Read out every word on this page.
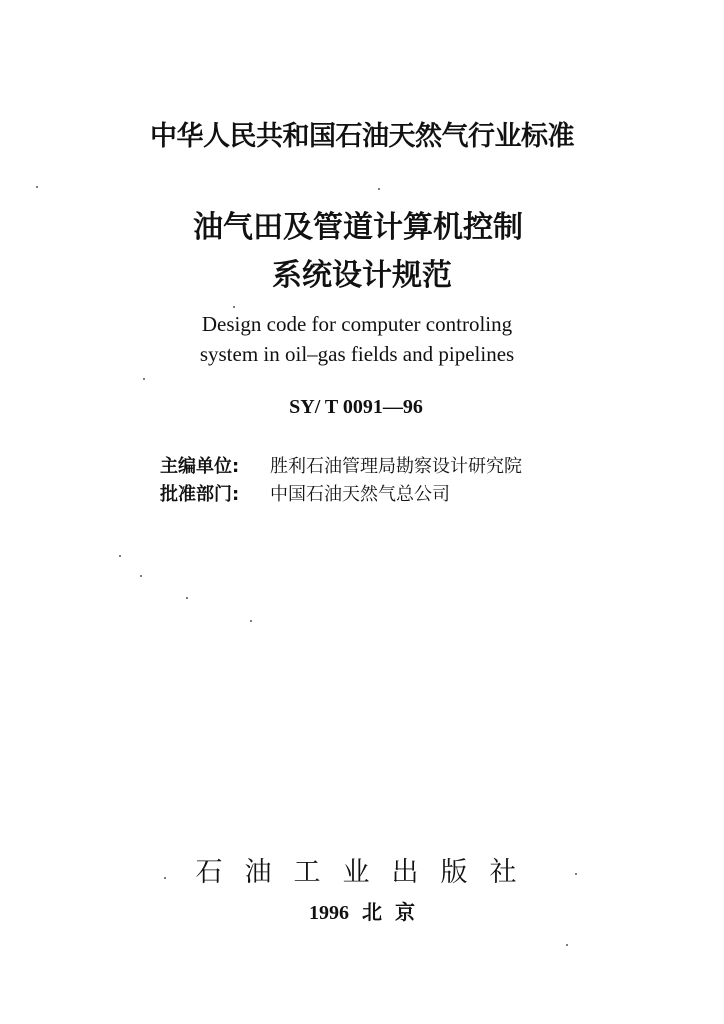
中华人民共和国石油天然气行业标准
油气田及管道计算机控制
系统设计规范
Design code for computer controling
system in oil–gas fields and pipelines
SY/ T 0091—96
主编单位: 胜利石油管理局勘察设计研究院
批准部门: 中国石油天然气总公司
石油工业出版社
1996 北 京
